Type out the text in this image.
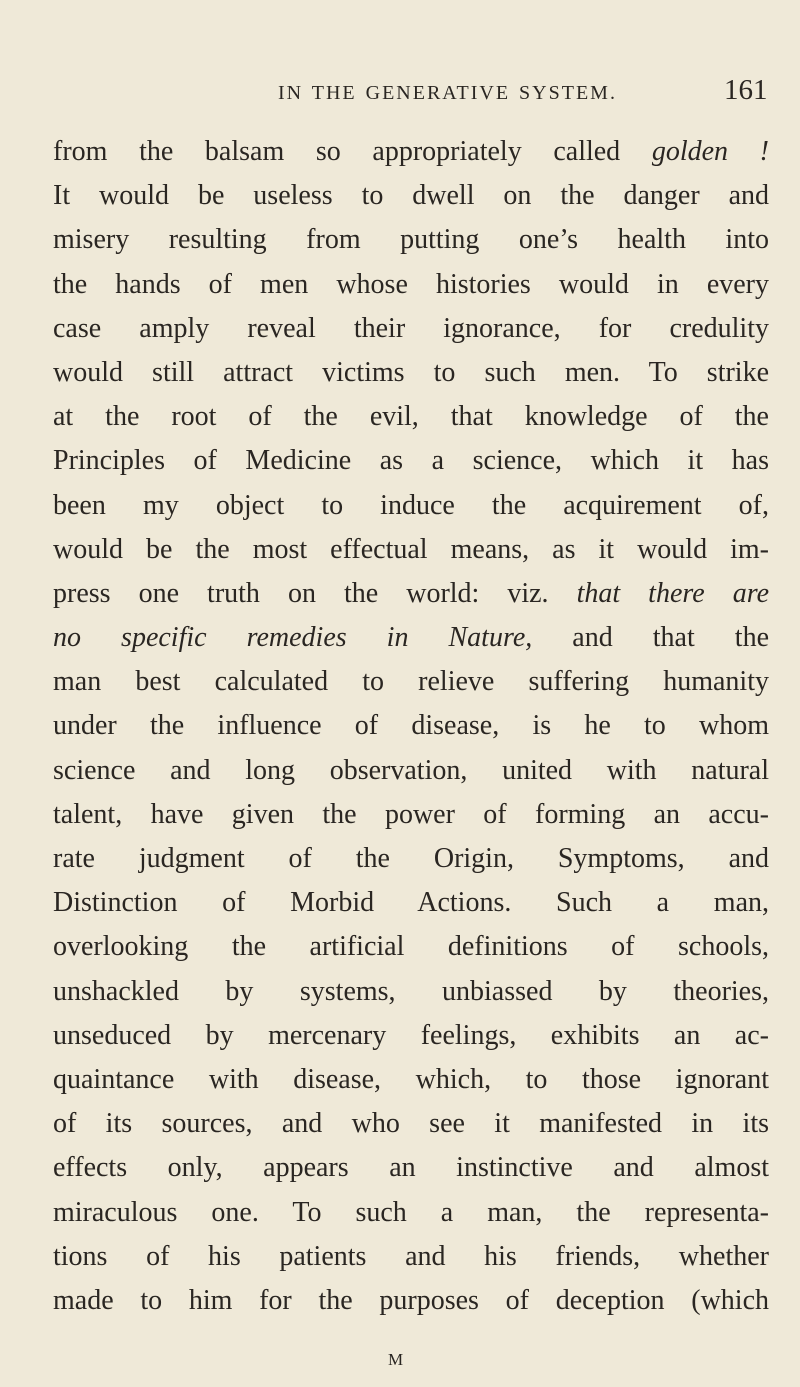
IN THE GENERATIVE SYSTEM.	161
from the balsam so appropriately called golden !
It would be useless to dwell on the danger and
misery resulting from putting one’s health into
the hands of men whose histories would in every
case amply reveal their ignorance, for credulity
would still attract victims to such men. To strike
at the root of the evil, that knowledge of the
Principles of Medicine as a science, which it has
been my object to induce the acquirement of,
would be the most effectual means, as it would im-
press one truth on the world: viz. that there are
no specific remedies in Nature, and that the
man best calculated to relieve suffering humanity
under the influence of disease, is he to whom
science and long observation, united with natural
talent, have given the power of forming an accu-
rate judgment of the Origin, Symptoms, and
Distinction of Morbid Actions. Such a man,
overlooking the artificial definitions of schools,
unshackled by systems, unbiassed by theories,
unseduced by mercenary feelings, exhibits an ac-
quaintance with disease, which, to those ignorant
of its sources, and who see it manifested in its
effects only, appears an instinctive and almost
miraculous one. To such a man, the representa-
tions of his patients and his friends, whether
made to him for the purposes of deception (which
M
